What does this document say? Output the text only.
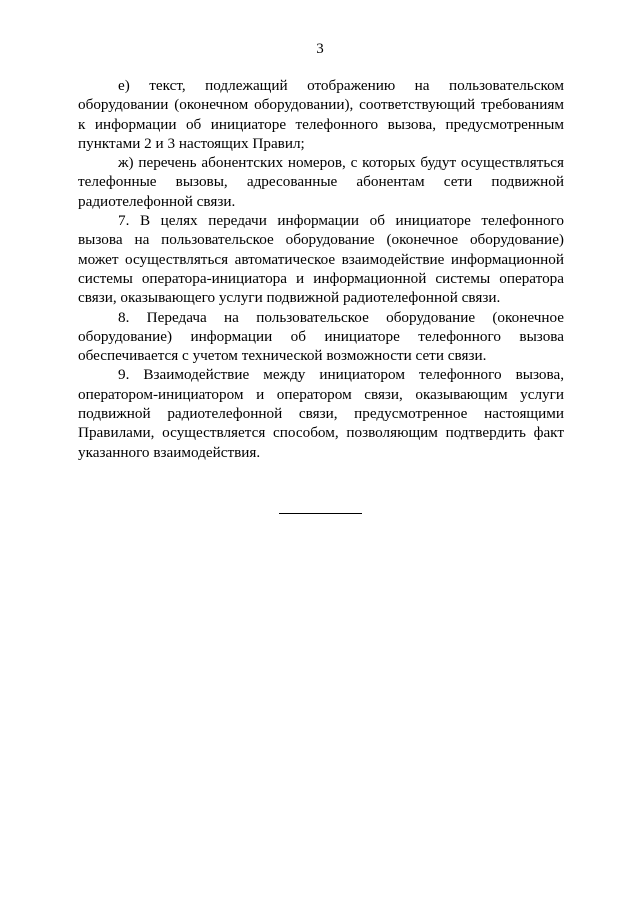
3

е) текст, подлежащий отображению на пользовательском оборудовании (оконечном оборудовании), соответствующий требованиям к информации об инициаторе телефонного вызова, предусмотренным пунктами 2 и 3 настоящих Правил;

ж) перечень абонентских номеров, с которых будут осуществляться телефонные вызовы, адресованные абонентам сети подвижной радиотелефонной связи.

7. В целях передачи информации об инициаторе телефонного вызова на пользовательское оборудование (оконечное оборудование) может осуществляться автоматическое взаимодействие информационной системы оператора-инициатора и информационной системы оператора связи, оказывающего услуги подвижной радиотелефонной связи.

8. Передача на пользовательское оборудование (оконечное оборудование) информации об инициаторе телефонного вызова обеспечивается с учетом технической возможности сети связи.

9. Взаимодействие между инициатором телефонного вызова, оператором-инициатором и оператором связи, оказывающим услуги подвижной радиотелефонной связи, предусмотренное настоящими Правилами, осуществляется способом, позволяющим подтвердить факт указанного взаимодействия.
